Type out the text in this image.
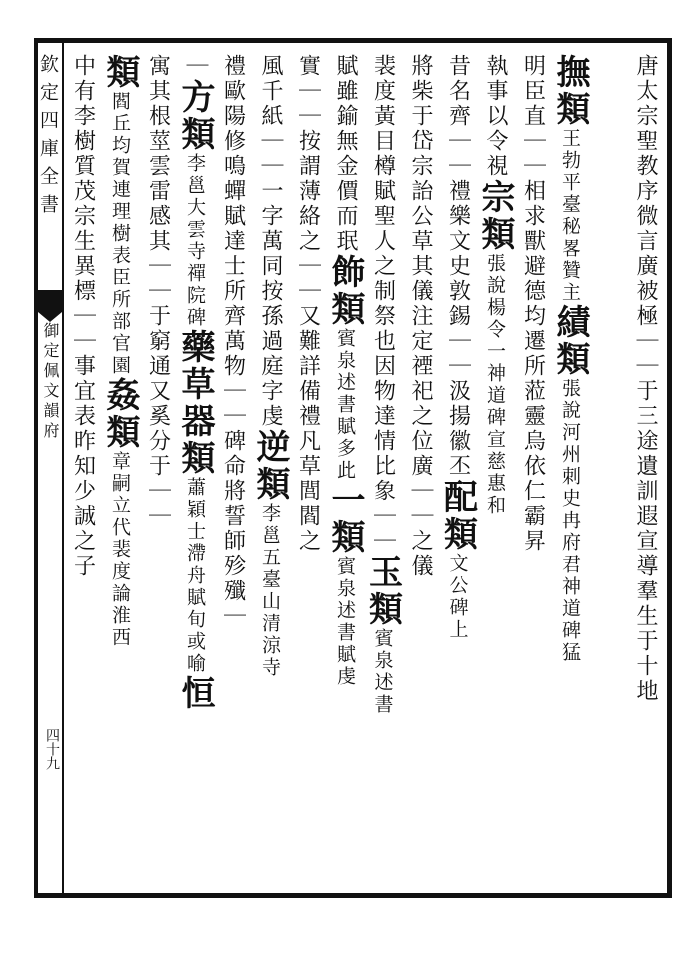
欽定四庫全書
御定佩文韻府
四十九
唐太宗聖教序微言廣被極｜｜于三途遺訓遐宣導羣生于十地
撫類王勃平臺秘畧贊主績類張說河州刺史冉府君神道碑猛
明臣直｜｜相求獸避德均遷所蒞靈烏依仁霸昇
執事以令視宗類張說楊令一神道碑宣慈惠和
昔名齊｜｜禮樂文史敦錫｜｜汲揚徽丕配類文公碑上
將柴于岱宗詒公草其儀注定禋祀之位廣｜｜之儀
裴度黃目樽賦聖人之制祭也因物達情比象｜｜玉類賓泉述書
賦雖鍮無金價而珉飾類賓泉述書賦多此一類賓泉述書賦虔
實｜｜按謂薄絡之｜｜又難詳備禮凡草閭閻之
風千紙｜｜一字萬同按孫過庭字虔逆類李邕五臺山清涼寺
禮歐陽修鳴蟬賦達士所齊萬物｜｜碑命將誓師殄殲｜
｜方類李邕大雲寺禪院碑藥草器類蕭穎士滯舟賦旬或喻恒
寓其根莖雲雷感其｜｜于窮通又奚分于｜｜
類閻丘均賀連理樹表臣所部官園姦類章嗣立代裴度論淮西
中有李樹質茂宗生異標｜｜事宜表昨知少誠之子
